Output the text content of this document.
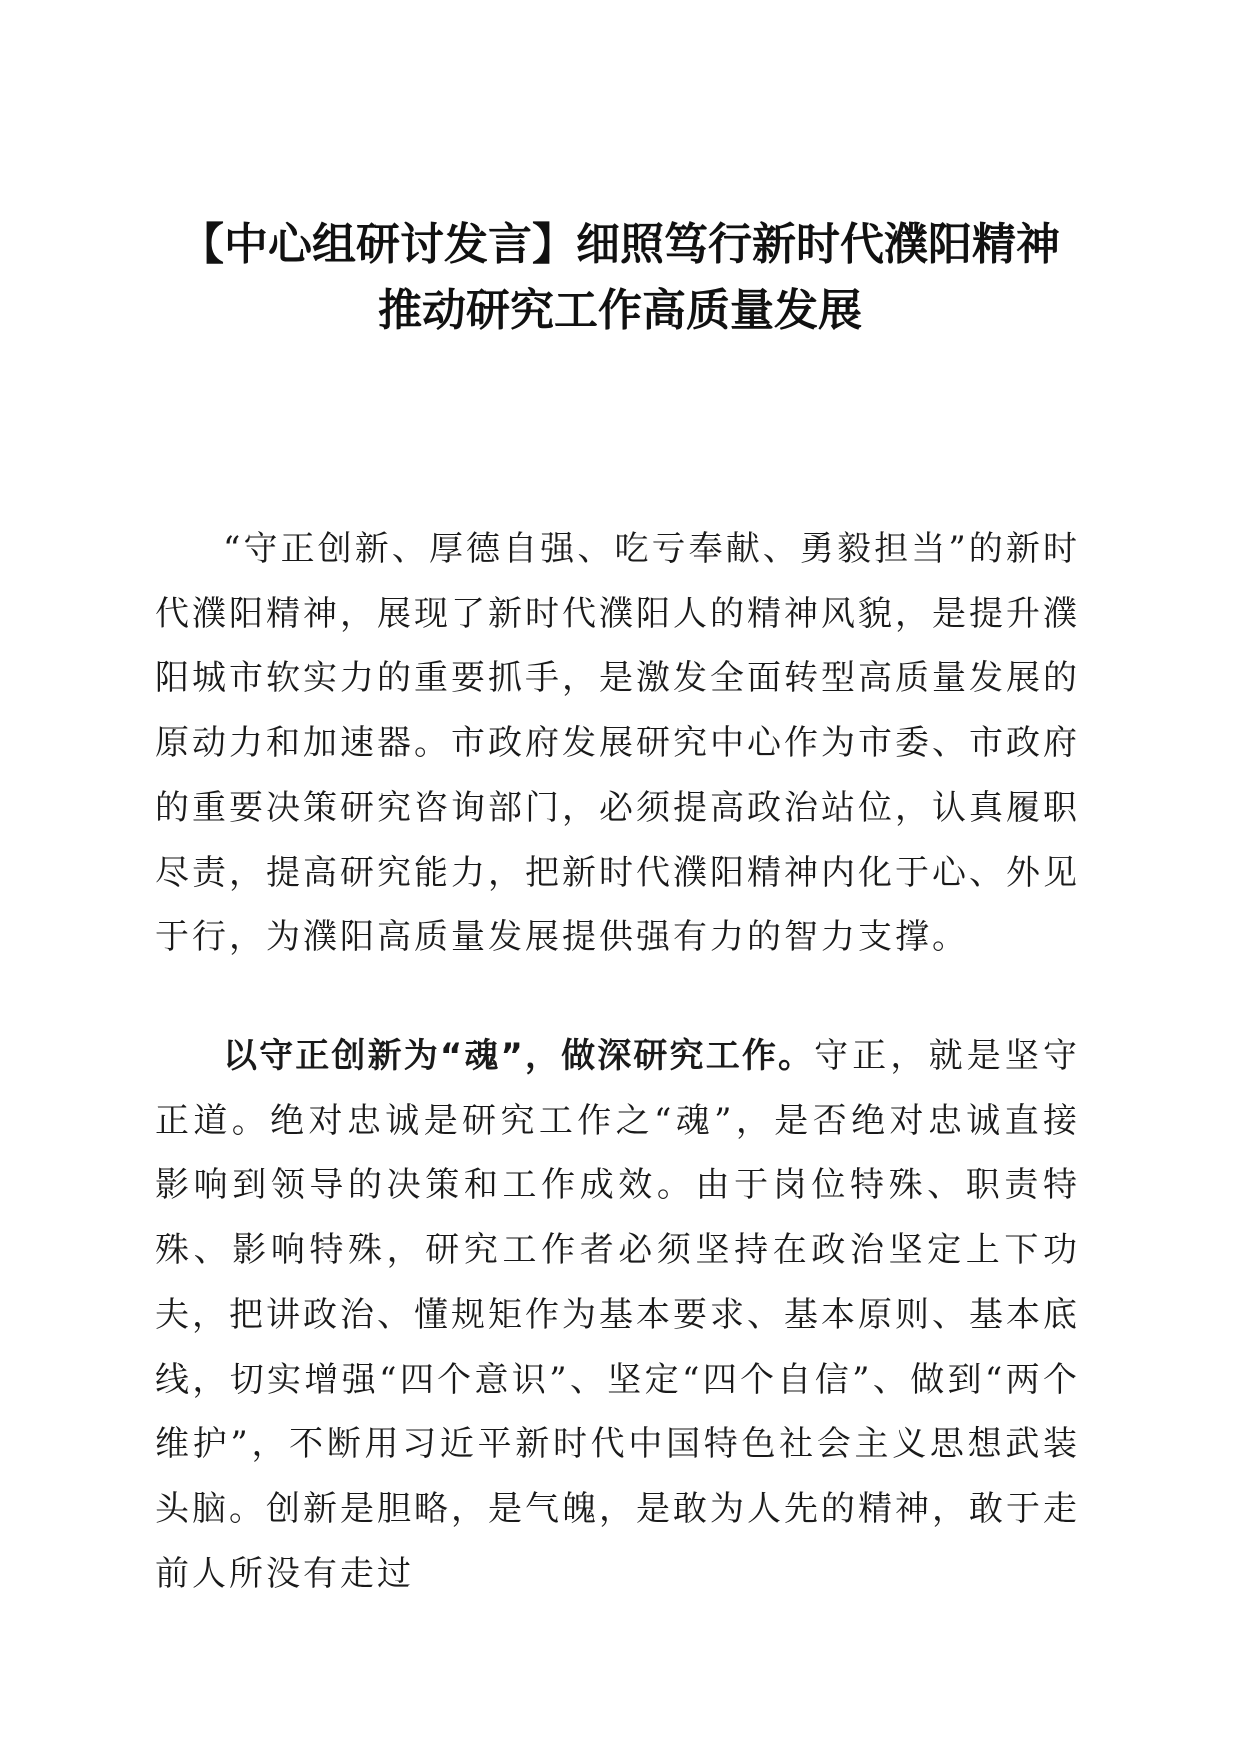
【中心组研讨发言】细照笃行新时代濮阳精神
推动研究工作高质量发展

“守正创新、厚德自强、吃亏奉献、勇毅担当”的新时代濮阳精神，展现了新时代濮阳人的精神风貌，是提升濮阳城市软实力的重要抓手，是激发全面转型高质量发展的原动力和加速器。市政府发展研究中心作为市委、市政府的重要决策研究咨询部门，必须提高政治站位，认真履职尽责，提高研究能力，把新时代濮阳精神内化于心、外见于行，为濮阳高质量发展提供强有力的智力支撑。

以守正创新为“魂”，做深研究工作。守正，就是坚守正道。绝对忠诚是研究工作之“魂”，是否绝对忠诚直接影响到领导的决策和工作成效。由于岗位特殊、职责特殊、影响特殊，研究工作者必须坚持在政治坚定上下功夫，把讲政治、懂规矩作为基本要求、基本原则、基本底线，切实增强“四个意识”、坚定“四个自信”、做到“两个维护”，不断用习近平新时代中国特色社会主义思想武装头脑。创新是胆略，是气魄，是敢为人先的精神，敢于走前人所没有走过
